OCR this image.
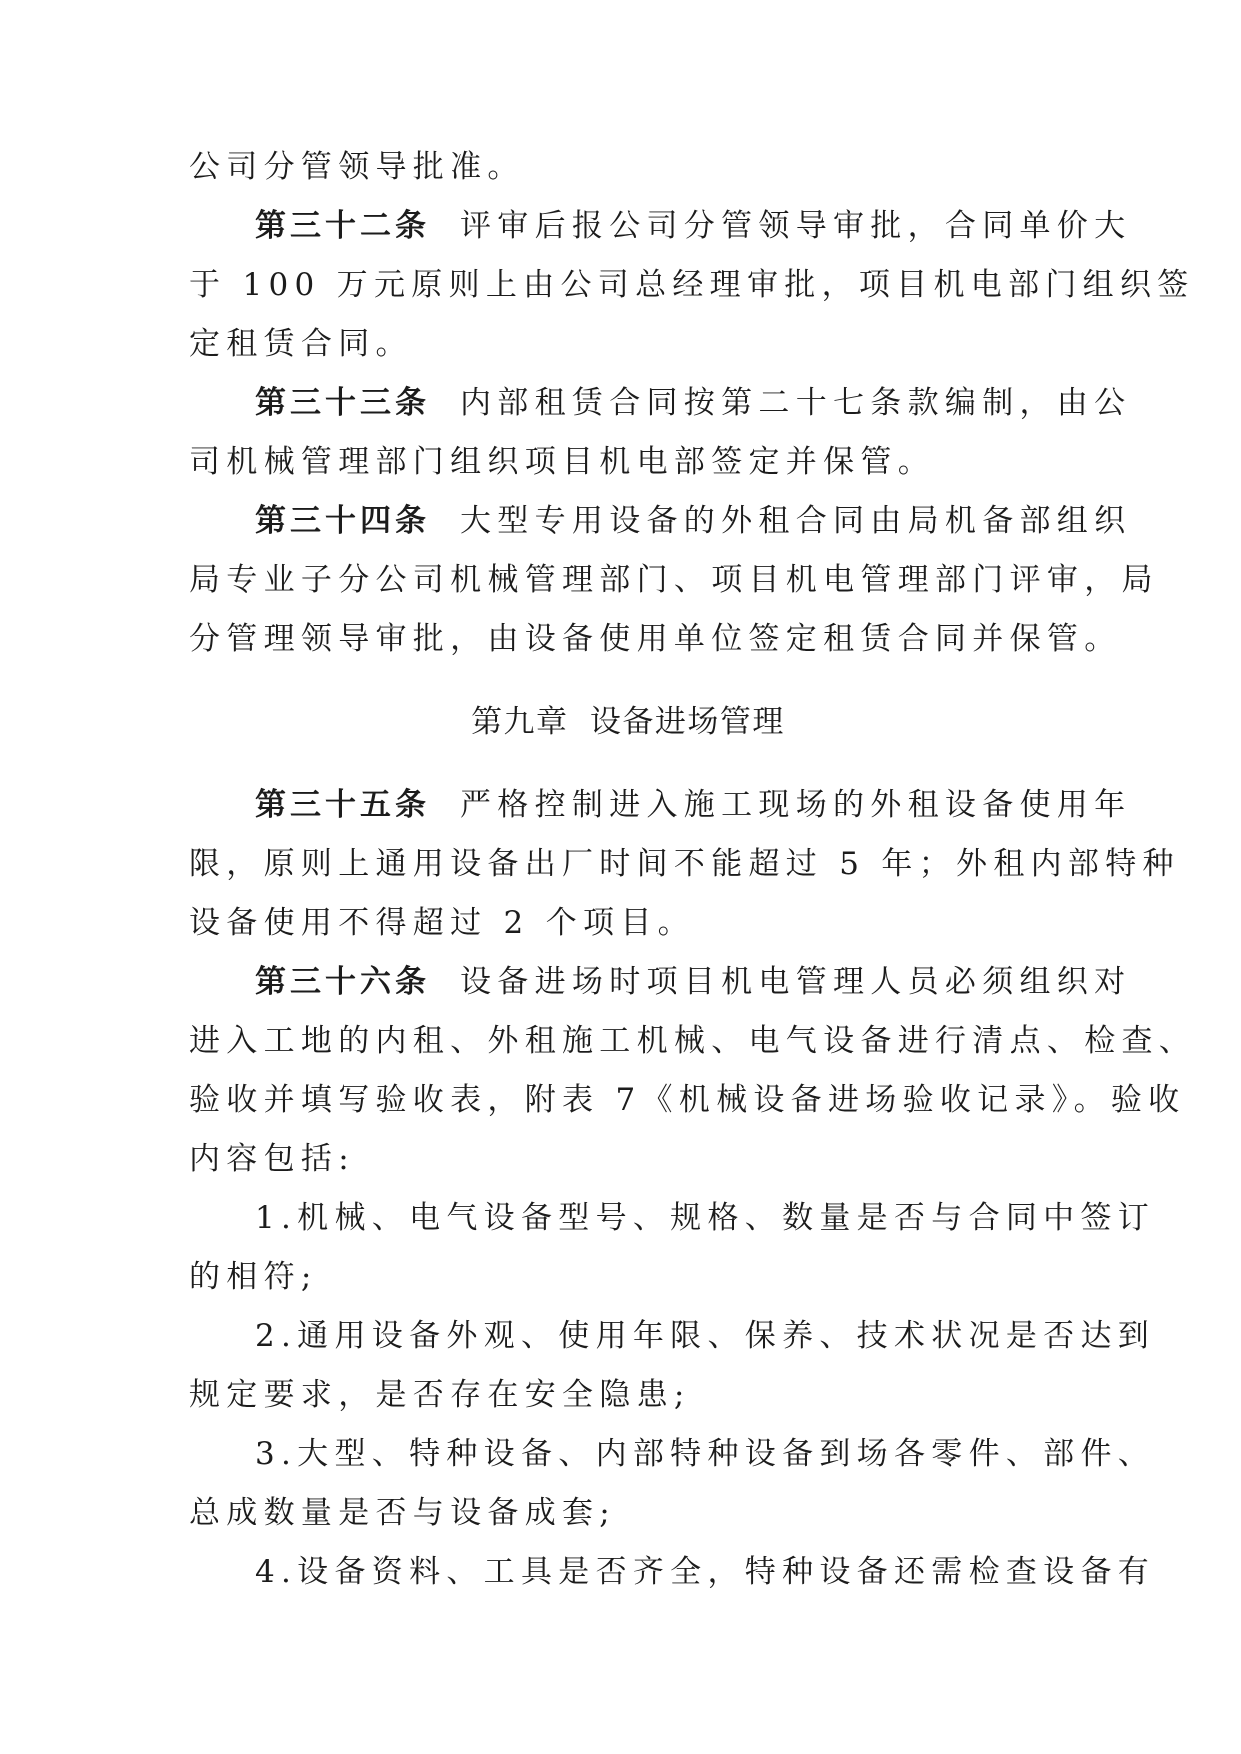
公司分管领导批准。
第三十二条 评审后报公司分管领导审批，合同单价大
于 100 万元原则上由公司总经理审批，项目机电部门组织签
定租赁合同。
第三十三条 内部租赁合同按第二十七条款编制，由公
司机械管理部门组织项目机电部签定并保管。
第三十四条 大型专用设备的外租合同由局机备部组织
局专业子分公司机械管理部门、项目机电管理部门评审，局
分管理领导审批，由设备使用单位签定租赁合同并保管。
第九章 设备进场管理
第三十五条 严格控制进入施工现场的外租设备使用年
限，原则上通用设备出厂时间不能超过 5 年；外租内部特种
设备使用不得超过 2 个项目。
第三十六条 设备进场时项目机电管理人员必须组织对
进入工地的内租、外租施工机械、电气设备进行清点、检查、
验收并填写验收表，附表 7《机械设备进场验收记录》。验收
内容包括:
1.机械、电气设备型号、规格、数量是否与合同中签订
的相符;
2.通用设备外观、使用年限、保养、技术状况是否达到
规定要求，是否存在安全隐患;
3.大型、特种设备、内部特种设备到场各零件、部件、
总成数量是否与设备成套;
4.设备资料、工具是否齐全，特种设备还需检查设备有
